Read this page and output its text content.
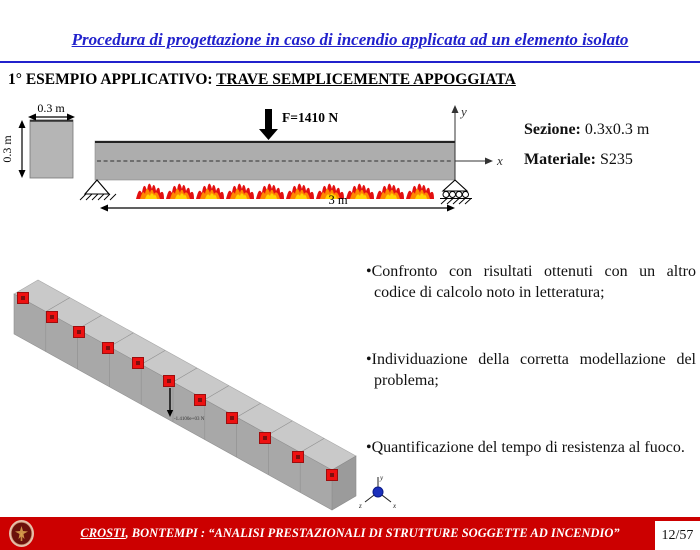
Procedura di progettazione in caso di incendio applicata ad un elemento isolato
1° ESEMPIO APPLICATIVO: TRAVE SEMPLICEMENTE APPOGGIATA
0.3 m
0.3 m
F=1410 N	y
x
3 m
Sezione: 0.3x0.3 m
Materiale: S235
-1.4100e+03 N
y
z	x

•Confronto con risultati ottenuti con un altro codice di calcolo noto in letteratura;

•Individuazione della corretta modellazione del problema;

•Quantificazione del tempo di resistenza al fuoco.

CROSTI, BONTEMPI : “ANALISI PRESTAZIONALI DI STRUTTURE SOGGETTE AD INCENDIO”	12/57
